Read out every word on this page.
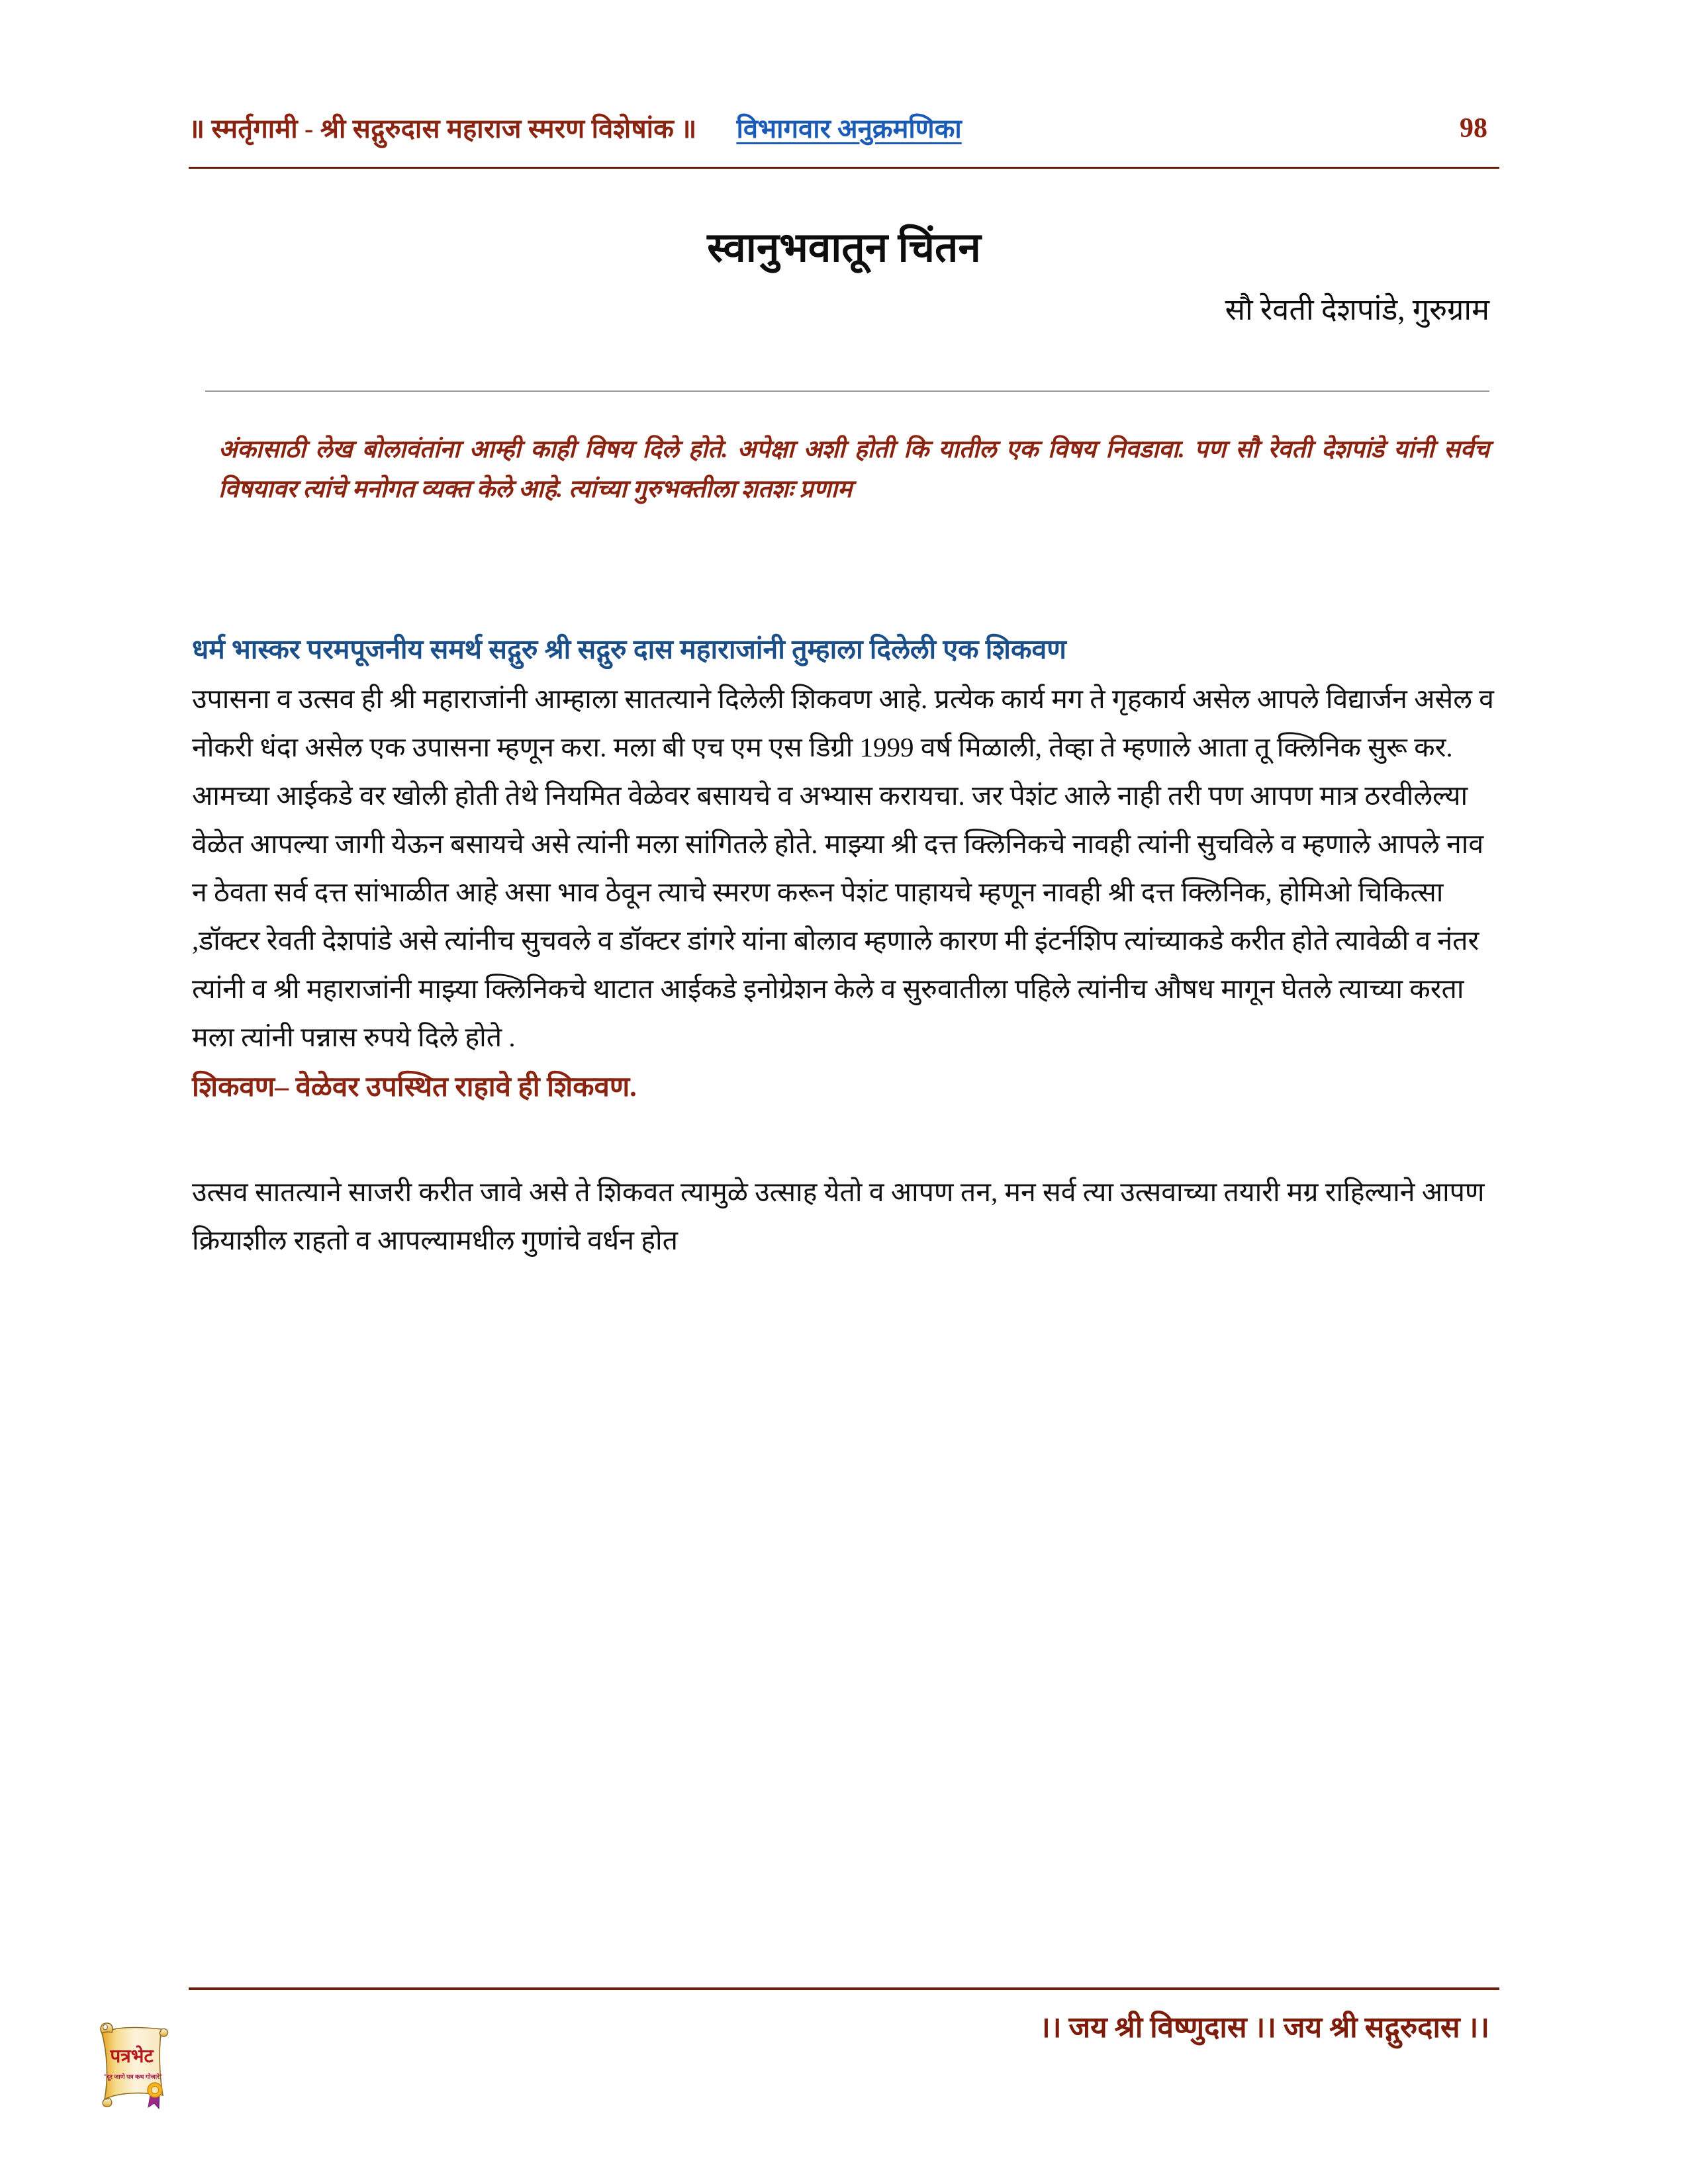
॥ स्मर्तृगामी - श्री सद्गुरुदास महाराज स्मरण विशेषांक ॥ विभागवार अनुक्रमणिका	98
स्वानुभवातून चिंतन
सौ रेवती देशपांडे, गुरुग्राम
अंकासाठी लेख बोलावंतांना आम्ही काही विषय दिले होते. अपेक्षा अशी होती कि यातील एक विषय निवडावा. पण सौ रेवती देशपांडे यांनी सर्वच विषयावर त्यांचे मनोगत व्यक्त केले आहे. त्यांच्या गुरुभक्तीला शतशः प्रणाम

धर्म भास्कर परमपूजनीय समर्थ सद्गुरु श्री सद्गुरु दास महाराजांनी तुम्हाला दिलेली एक शिकवण
उपासना व उत्सव ही श्री महाराजांनी आम्हाला सातत्याने दिलेली शिकवण आहे. प्रत्येक कार्य मग ते गृहकार्य असेल आपले विद्यार्जन असेल व नोकरी धंदा असेल एक उपासना म्हणून करा. मला बी एच एम एस डिग्री 1999 वर्ष मिळाली, तेव्हा ते म्हणाले आता तू क्लिनिक सुरू कर. आमच्या आईकडे वर खोली होती तेथे नियमित वेळेवर बसायचे व अभ्यास करायचा. जर पेशंट आले नाही तरी पण आपण मात्र ठरवीलेल्या वेळेत आपल्या जागी येऊन बसायचे असे त्यांनी मला सांगितले होते. माझ्या श्री दत्त क्लिनिकचे नावही त्यांनी सुचविले व म्हणाले आपले नाव न ठेवता सर्व दत्त सांभाळीत आहे असा भाव ठेवून त्याचे स्मरण करून पेशंट पाहायचे म्हणून नावही श्री दत्त क्लिनिक, होमिओ चिकित्सा ,डॉक्टर रेवती देशपांडे असे त्यांनीच सुचवले व डॉक्टर डांगरे यांना बोलाव म्हणाले कारण मी इंटर्नशिप त्यांच्याकडे करीत होते त्यावेळी व नंतर त्यांनी व श्री महाराजांनी माझ्या क्लिनिकचे थाटात आईकडे इनोग्रेशन केले व सुरुवातीला पहिले त्यांनीच औषध मागून घेतले त्याच्या करता मला त्यांनी पन्नास रुपये दिले होते .

शिकवण– वेळेवर उपस्थित राहावे ही शिकवण.

उत्सव सातत्याने साजरी करीत जावे असे ते शिकवत त्यामुळे उत्साह येतो व आपण तन, मन सर्व त्या उत्सवाच्या तयारी मग्र राहिल्याने आपण क्रियाशील राहतो व आपल्यामधील गुणांचे वर्धन होत

।। जय श्री विष्णुदास ।। जय श्री सद्गुरुदास ।।
पत्रभेट
"दूर जाणे पत्र कथ गोजारे"
